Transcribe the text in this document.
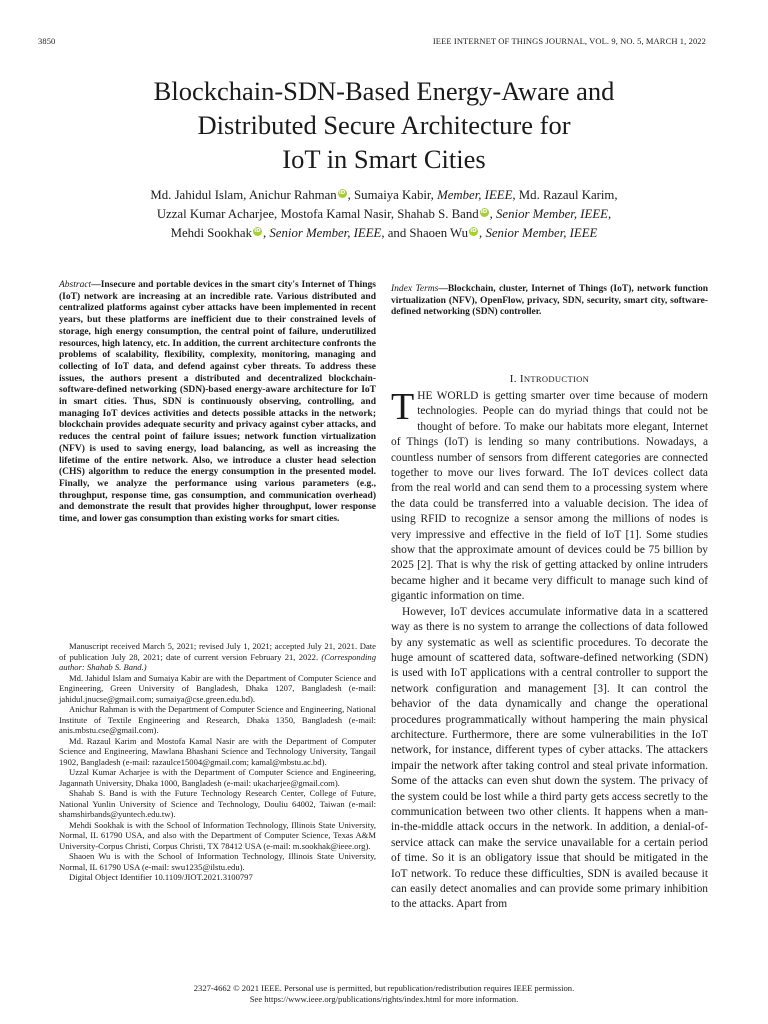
3850	IEEE INTERNET OF THINGS JOURNAL, VOL. 9, NO. 5, MARCH 1, 2022
Blockchain-SDN-Based Energy-Aware and
Distributed Secure Architecture for
IoT in Smart Cities
Md. Jahidul Islam, Anichur Rahman iD , Sumaiya Kabir, Member, IEEE, Md. Razaul Karim,
Uzzal Kumar Acharjee, Mostofa Kamal Nasir, Shahab S. Band iD , Senior Member, IEEE,
Mehdi Sookhak iD , Senior Member, IEEE, and Shaoen Wu iD , Senior Member, IEEE
Abstract—Insecure and portable devices in the smart city's Internet of Things (IoT) network are increasing at an incredible rate. Various distributed and centralized platforms against cyber attacks have been implemented in recent years, but these platforms are inefficient due to their constrained levels of storage, high energy consumption, the central point of failure, underutilized resources, high latency, etc. In addition, the current architecture confronts the problems of scalability, flexibility, complexity, monitoring, managing and collecting of IoT data, and defend against cyber threats. To address these issues, the authors present a distributed and decentralized blockchain-software-defined networking (SDN)-based energy-aware architecture for IoT in smart cities. Thus, SDN is continuously observing, controlling, and managing IoT devices activities and detects possible attacks in the network; blockchain provides adequate security and privacy against cyber attacks, and reduces the central point of failure issues; network function virtualization (NFV) is used to saving energy, load balancing, as well as increasing the lifetime of the entire network. Also, we introduce a cluster head selection (CHS) algorithm to reduce the energy consumption in the presented model. Finally, we analyze the performance using various parameters (e.g., throughput, response time, gas consumption, and communication overhead) and demonstrate the result that provides higher throughput, lower response time, and lower gas consumption than existing works for smart cities.
Index Terms—Blockchain, cluster, Internet of Things (IoT), network function virtualization (NFV), OpenFlow, privacy, SDN, security, smart city, software-defined networking (SDN) controller.
I. INTRODUCTION

THE WORLD is getting smarter over time because of modern technologies. People can do myriad things that could not be thought of before. To make our habitats more elegant, Internet of Things (IoT) is lending so many contributions. Nowadays, a countless number of sensors from different categories are connected together to move our lives forward. The IoT devices collect data from the real world and can send them to a processing system where the data could be transferred into a valuable decision. The idea of using RFID to recognize a sensor among the millions of nodes is very impressive and effective in the field of IoT [1]. Some studies show that the approximate amount of devices could be 75 billion by 2025 [2]. That is why the risk of getting attacked by online intruders became higher and it became very difficult to manage such kind of gigantic information on time.

However, IoT devices accumulate informative data in a scattered way as there is no system to arrange the collections of data followed by any systematic as well as scientific procedures. To decorate the huge amount of scattered data, software-defined networking (SDN) is used with IoT applications with a central controller to support the network configuration and management [3]. It can control the behavior of the data dynamically and change the operational procedures programmatically without hampering the main physical architecture. Furthermore, there are some vulnerabilities in the IoT network, for instance, different types of cyber attacks. The attackers impair the network after taking control and steal private information. Some of the attacks can even shut down the system. The privacy of the system could be lost while a third party gets access secretly to the communication between two other clients. It happens when a man-in-the-middle attack occurs in the network. In addition, a denial-of-service attack can make the service unavailable for a certain period of time. So it is an obligatory issue that should be mitigated in the IoT network. To reduce these difficulties, SDN is availed because it can easily detect anomalies and can provide some primary inhibition to the attacks. Apart from

Manuscript received March 5, 2021; revised July 1, 2021; accepted July 21, 2021. Date of publication July 28, 2021; date of current version February 21, 2022. (Corresponding author: Shahab S. Band.)

Md. Jahidul Islam and Sumaiya Kabir are with the Department of Computer Science and Engineering, Green University of Bangladesh, Dhaka 1207, Bangladesh (e-mail: jahidul.jnucse@gmail.com; sumaiya@cse.green.edu.bd).

Anichur Rahman is with the Department of Computer Science and Engineering, National Institute of Textile Engineering and Research, Dhaka 1350, Bangladesh (e-mail: anis.mbstu.cse@gmail.com).

Md. Razaul Karim and Mostofa Kamal Nasir are with the Department of Computer Science and Engineering, Mawlana Bhashani Science and Technology University, Tangail 1902, Bangladesh (e-mail: razaulce15004@gmail.com; kamal@mbstu.ac.bd).

Uzzal Kumar Acharjee is with the Department of Computer Science and Engineering, Jagannath University, Dhaka 1000, Bangladesh (e-mail: ukacharjee@gmail.com).

Shahab S. Band is with the Future Technology Research Center, College of Future, National Yunlin University of Science and Technology, Douliu 64002, Taiwan (e-mail: shamshirbands@yuntech.edu.tw).

Mehdi Sookhak is with the School of Information Technology, Illinois State University, Normal, IL 61790 USA, and also with the Department of Computer Science, Texas A&M University-Corpus Christi, Corpus Christi, TX 78412 USA (e-mail: m.sookhak@ieee.org).

Shaoen Wu is with the School of Information Technology, Illinois State University, Normal, IL 61790 USA (e-mail: swu1235@ilstu.edu).

Digital Object Identifier 10.1109/JIOT.2021.3100797

2327-4662 © 2021 IEEE. Personal use is permitted, but republication/redistribution requires IEEE permission.
See https://www.ieee.org/publications/rights/index.html for more information.
